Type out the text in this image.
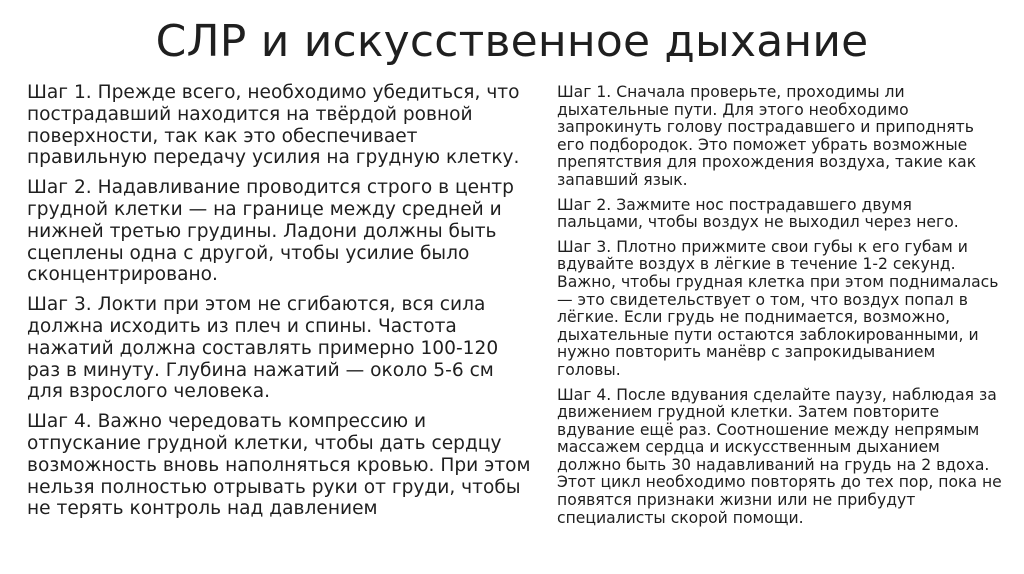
СЛР и искусственное дыхание

Шаг 1. Прежде всего, необходимо убедиться, что пострадавший находится на твёрдой ровной поверхности, так как это обеспечивает правильную передачу усилия на грудную клетку.

Шаг 2. Надавливание проводится строго в центр грудной клетки — на границе между средней и нижней третью грудины. Ладони должны быть сцеплены одна с другой, чтобы усилие было сконцентрировано.

Шаг 3. Локти при этом не сгибаются, вся сила должна исходить из плеч и спины. Частота нажатий должна составлять примерно 100-120 раз в минуту. Глубина нажатий — около 5-6 см для взрослого человека.

Шаг 4. Важно чередовать компрессию и отпускание грудной клетки, чтобы дать сердцу возможность вновь наполняться кровью. При этом нельзя полностью отрывать руки от груди, чтобы не терять контроль над давлением

Шаг 1. Сначала проверьте, проходимы ли дыхательные пути. Для этого необходимо запрокинуть голову пострадавшего и приподнять его подбородок. Это поможет убрать возможные препятствия для прохождения воздуха, такие как запавший язык.

Шаг 2. Зажмите нос пострадавшего двумя пальцами, чтобы воздух не выходил через него.

Шаг 3. Плотно прижмите свои губы к его губам и вдувайте воздух в лёгкие в течение 1-2 секунд. Важно, чтобы грудная клетка при этом поднималась — это свидетельствует о том, что воздух попал в лёгкие. Если грудь не поднимается, возможно, дыхательные пути остаются заблокированными, и нужно повторить манёвр с запрокидыванием головы.

Шаг 4. После вдувания сделайте паузу, наблюдая за движением грудной клетки. Затем повторите вдувание ещё раз. Соотношение между непрямым массажем сердца и искусственным дыханием должно быть 30 надавливаний на грудь на 2 вдоха. Этот цикл необходимо повторять до тех пор, пока не появятся признаки жизни или не прибудут специалисты скорой помощи.
